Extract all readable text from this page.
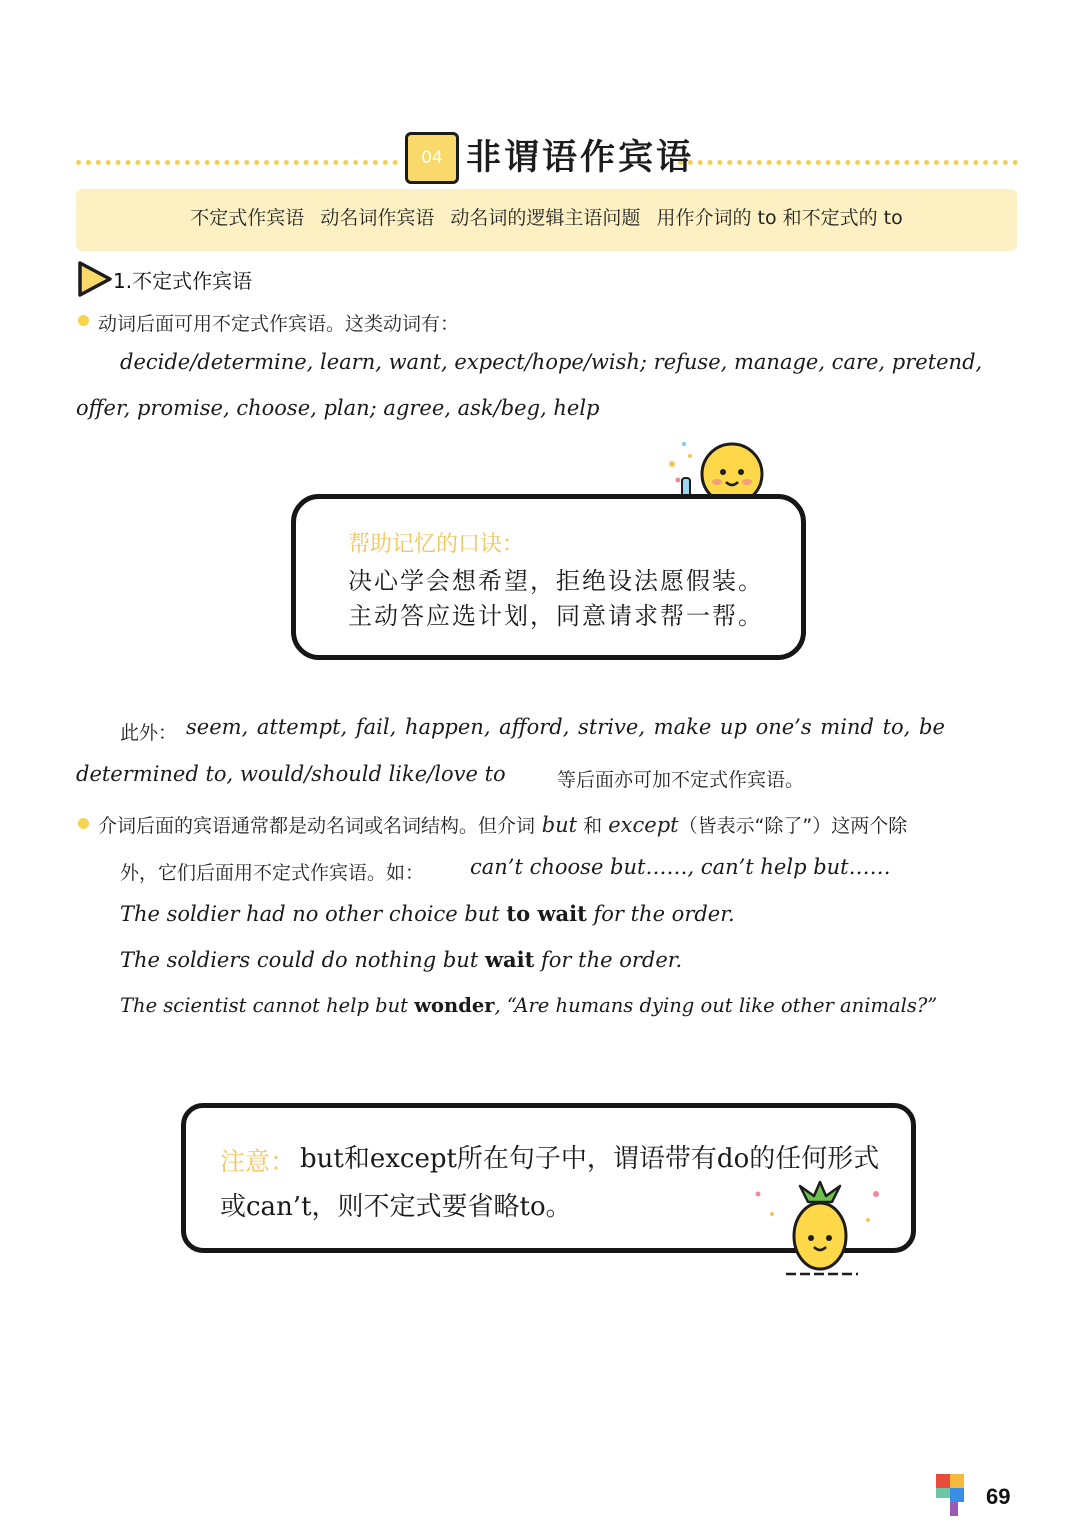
04 非谓语作宾语
不定式作宾语 动名词作宾语 动名词的逻辑主语问题 用作介词的 to 和不定式的 to
1.不定式作宾语
动词后面可用不定式作宾语。这类动词有：
decide/determine, learn, want, expect/hope/wish; refuse, manage, care, pretend,
offer, promise, choose, plan; agree, ask/beg, help
帮助记忆的口诀：
决心学会想希望，拒绝设法愿假装。
主动答应选计划，同意请求帮一帮。
此外： seem, attempt, fail, happen, afford, strive, make up one’s mind to, be
determined to, would/should like/love to	等后面亦可加不定式作宾语。
介词后面的宾语通常都是动名词或名词结构。但介词 but 和 except（皆表示“除了”）这两个除
外，它们后面用不定式作宾语。如： can’t choose but……, can’t help but……
The soldier had no other choice but to wait for the order.
The soldiers could do nothing but wait for the order.
The scientist cannot help but wonder, “Are humans dying out like other animals?”
注意： but和except所在句子中，谓语带有do的任何形式
或can’t，则不定式要省略to。
69
